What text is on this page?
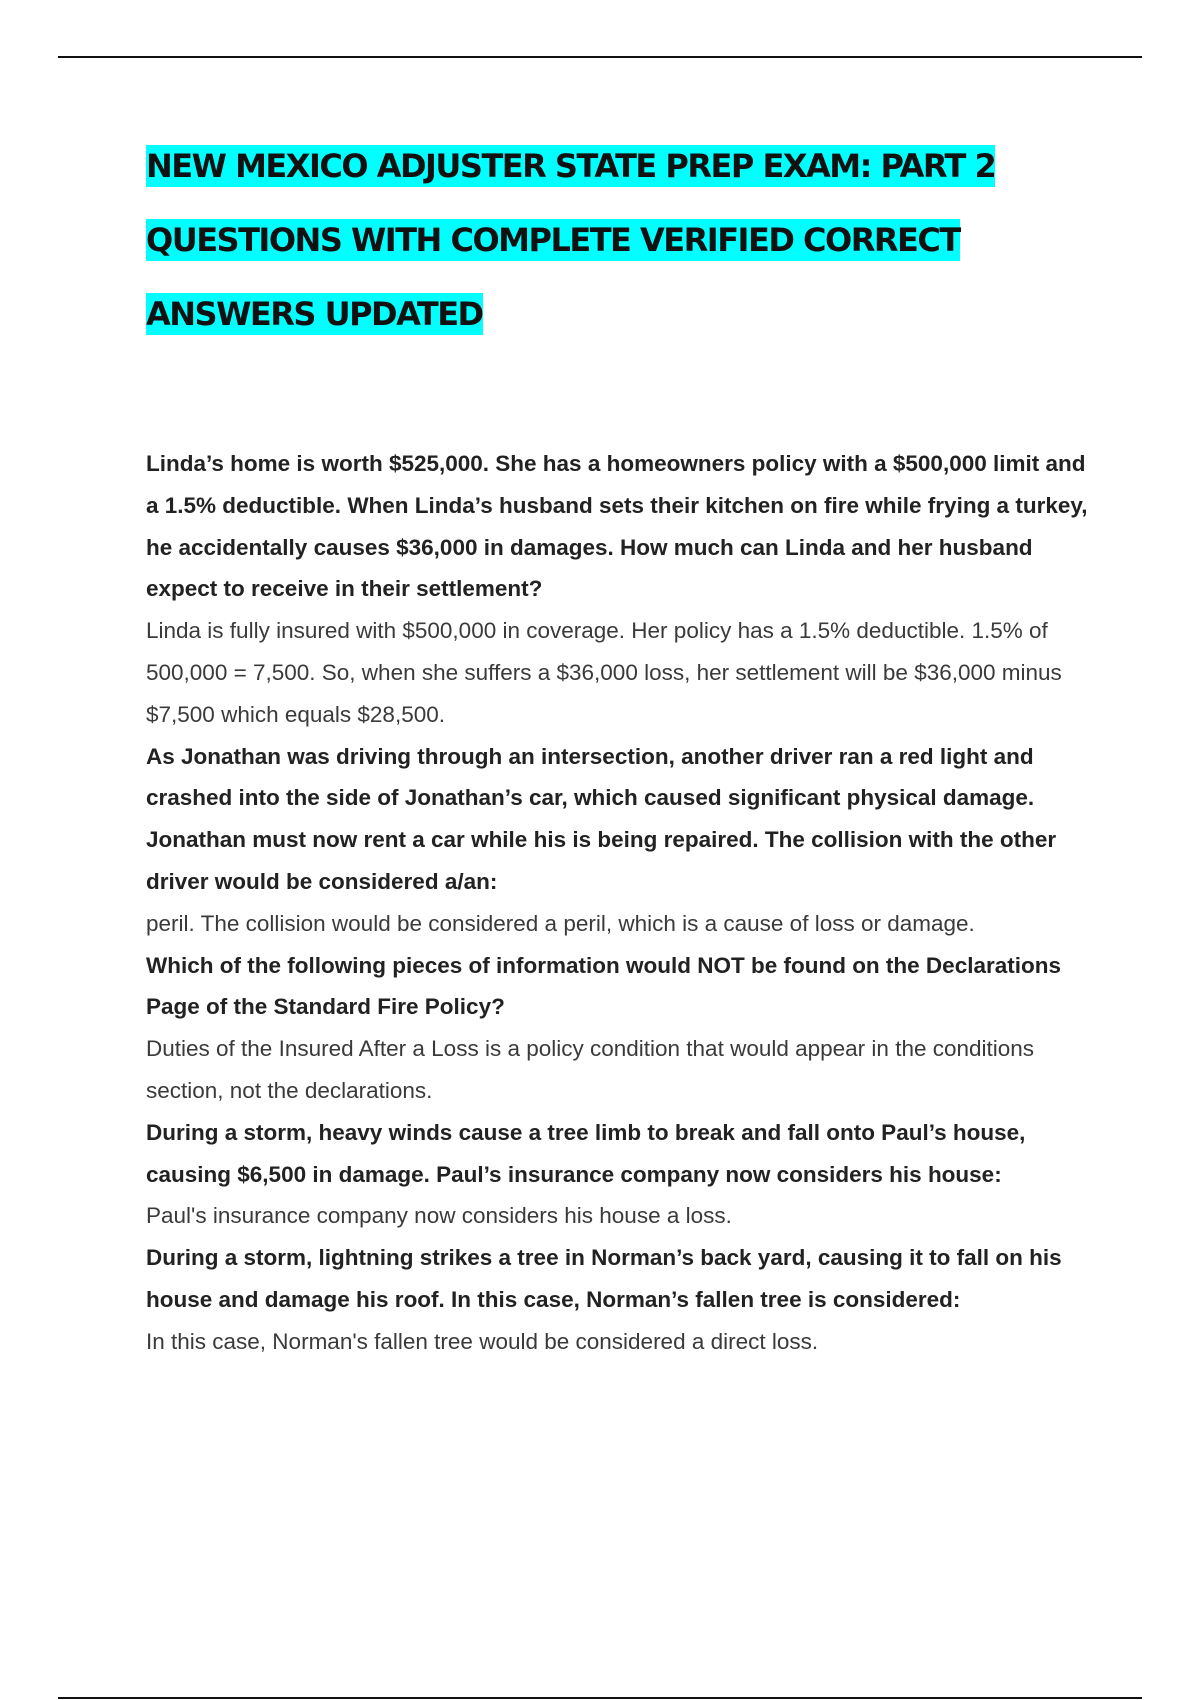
NEW MEXICO ADJUSTER STATE PREP EXAM: PART 2
QUESTIONS WITH COMPLETE VERIFIED CORRECT
ANSWERS UPDATED

Linda’s home is worth $525,000. She has a homeowners policy with a $500,000 limit and a 1.5% deductible. When Linda’s husband sets their kitchen on fire while frying a turkey, he accidentally causes $36,000 in damages. How much can Linda and her husband expect to receive in their settlement?

Linda is fully insured with $500,000 in coverage. Her policy has a 1.5% deductible. 1.5% of 500,000 = 7,500. So, when she suffers a $36,000 loss, her settlement will be $36,000 minus $7,500 which equals $28,500.

As Jonathan was driving through an intersection, another driver ran a red light and crashed into the side of Jonathan’s car, which caused significant physical damage. Jonathan must now rent a car while his is being repaired. The collision with the other driver would be considered a/an:

peril. The collision would be considered a peril, which is a cause of loss or damage.

Which of the following pieces of information would NOT be found on the Declarations Page of the Standard Fire Policy?

Duties of the Insured After a Loss is a policy condition that would appear in the conditions section, not the declarations.

During a storm, heavy winds cause a tree limb to break and fall onto Paul’s house, causing $6,500 in damage. Paul’s insurance company now considers his house:

Paul's insurance company now considers his house a loss.

During a storm, lightning strikes a tree in Norman’s back yard, causing it to fall on his house and damage his roof. In this case, Norman’s fallen tree is considered:

In this case, Norman's fallen tree would be considered a direct loss.
